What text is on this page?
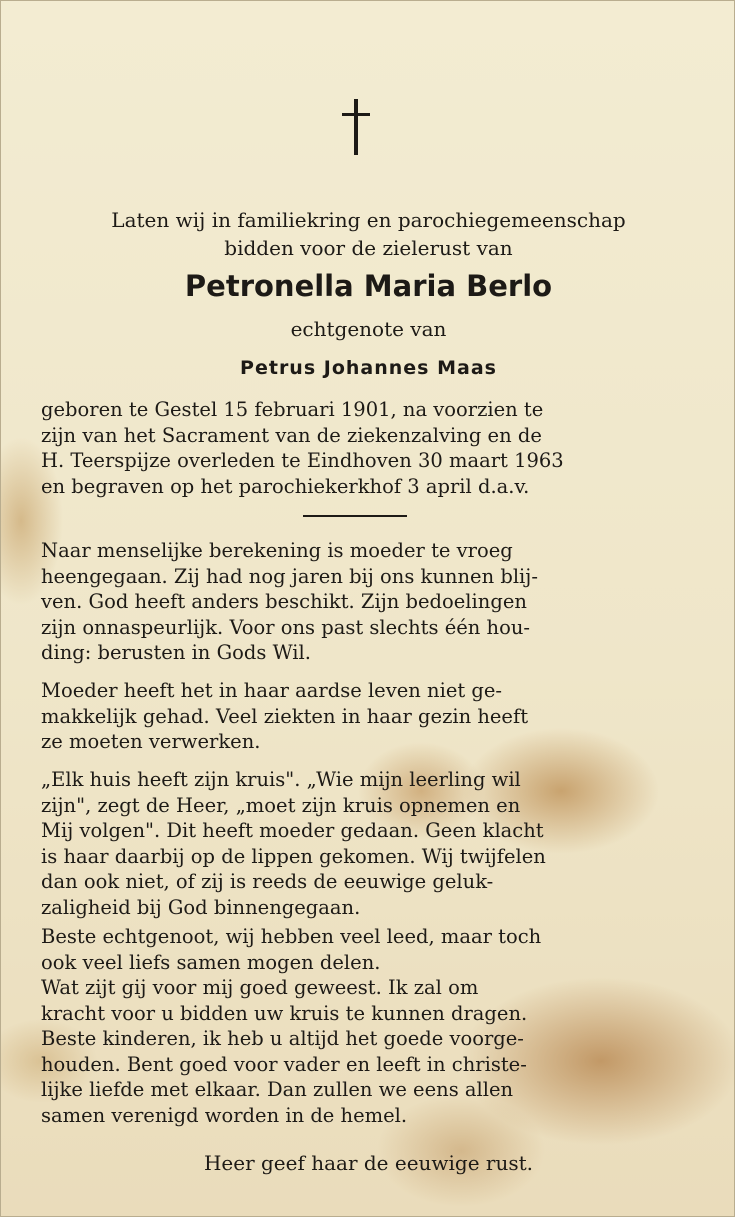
Laten wij in familiekring en parochiegemeenschap
bidden voor de zielerust van
Petronella Maria Berlo
echtgenote van
Petrus Johannes Maas
geboren te Gestel 15 februari 1901, na voorzien te
zijn van het Sacrament van de ziekenzalving en de
H. Teerspijze overleden te Eindhoven 30 maart 1963
en begraven op het parochiekerkhof 3 april d.a.v.
Naar menselijke berekening is moeder te vroeg
heengegaan. Zij had nog jaren bij ons kunnen blij-
ven. God heeft anders beschikt. Zijn bedoelingen
zijn onnaspeurlijk. Voor ons past slechts één hou-
ding: berusten in Gods Wil.
Moeder heeft het in haar aardse leven niet ge-
makkelijk gehad. Veel ziekten in haar gezin heeft
ze moeten verwerken.
„Elk huis heeft zijn kruis". „Wie mijn leerling wil
zijn", zegt de Heer, „moet zijn kruis opnemen en
Mij volgen". Dit heeft moeder gedaan. Geen klacht
is haar daarbij op de lippen gekomen. Wij twijfelen
dan ook niet, of zij is reeds de eeuwige geluk-
zaligheid bij God binnengegaan.
Beste echtgenoot, wij hebben veel leed, maar toch
ook veel liefs samen mogen delen.
Wat zijt gij voor mij goed geweest. Ik zal om
kracht voor u bidden uw kruis te kunnen dragen.
Beste kinderen, ik heb u altijd het goede voorge-
houden. Bent goed voor vader en leeft in christe-
lijke liefde met elkaar. Dan zullen we eens allen
samen verenigd worden in de hemel.
Heer geef haar de eeuwige rust.
